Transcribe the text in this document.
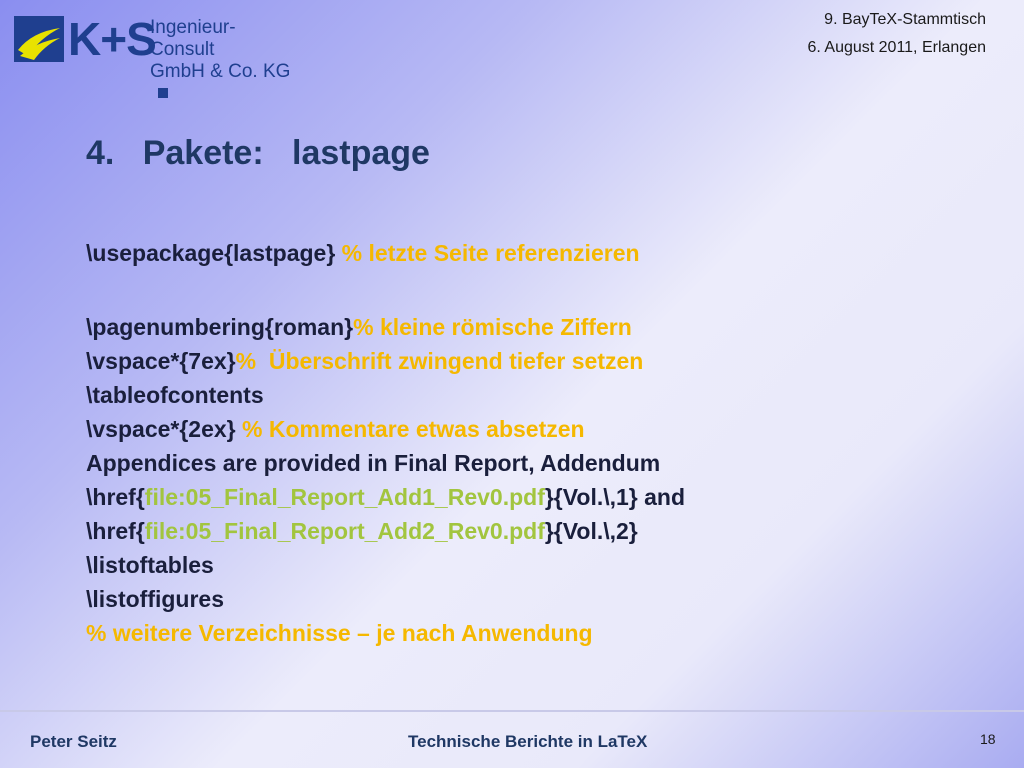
K+S
Ingenieur-Consult
GmbH & Co. KG
9. BayTeX-Stammtisch
6. August 2011, Erlangen
4.   Pakete:   lastpage
\usepackage{lastpage} % letzte Seite referenzieren
\pagenumbering{roman}% kleine römische Ziffern
\vspace*{7ex}%  Überschrift zwingend tiefer setzen
\tableofcontents
\vspace*{2ex} % Kommentare etwas absetzen
Appendices are provided in Final Report, Addendum
\href{file:05_Final_Report_Add1_Rev0.pdf}{Vol.\,1} and
\href{file:05_Final_Report_Add2_Rev0.pdf}{Vol.\,2}
\listoftables
\listoffigures
% weitere Verzeichnisse – je nach Anwendung
Peter Seitz	Technische Berichte in LaTeX	18
